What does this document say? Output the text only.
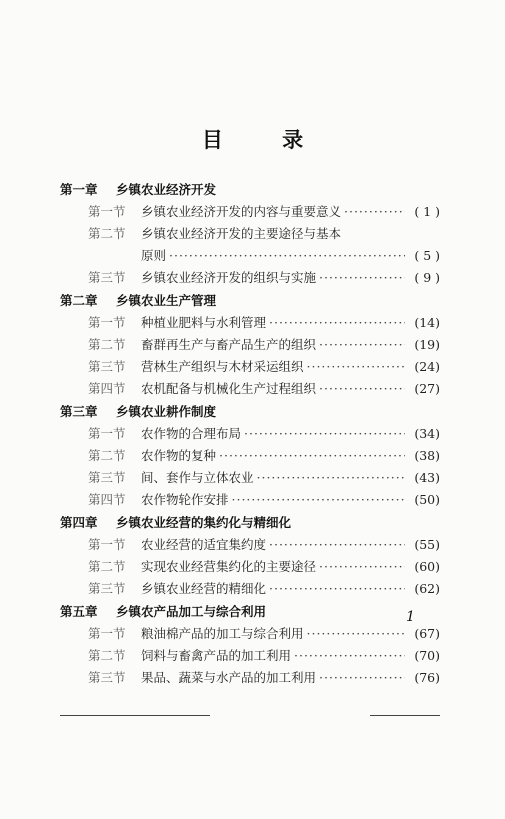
目 录
第一章 乡镇农业经济开发
第一节	乡镇农业经济开发的内容与重要意义 ·····	( 1 )
第二节	乡镇农业经济开发的主要途径与基本
原则 ·····	( 5 )
第三节	乡镇农业经济开发的组织与实施 ·····	( 9 )
第二章 乡镇农业生产管理
第一节	种植业肥料与水利管理 ·····	(14)
第二节	畜群再生产与畜产品生产的组织 ·····	(19)
第三节	营林生产组织与木材采运组织 ·····	(24)
第四节	农机配备与机械化生产过程组织 ·····	(27)
第三章 乡镇农业耕作制度
第一节	农作物的合理布局 ·····	(34)
第二节	农作物的复种 ·····	(38)
第三节	间、套作与立体农业 ·····	(43)
第四节	农作物轮作安排 ·····	(50)
第四章 乡镇农业经营的集约化与精细化
第一节	农业经营的适宜集约度 ·····	(55)
第二节	实现农业经营集约化的主要途径 ·····	(60)
第三节	乡镇农业经营的精细化 ·····	(62)
第五章 乡镇农产品加工与综合利用
第一节	粮油棉产品的加工与综合利用 ·····	(67)
第二节	饲料与畜禽产品的加工利用 ·····	(70)
第三节	果品、蔬菜与水产品的加工利用 ·····	(76)
1
